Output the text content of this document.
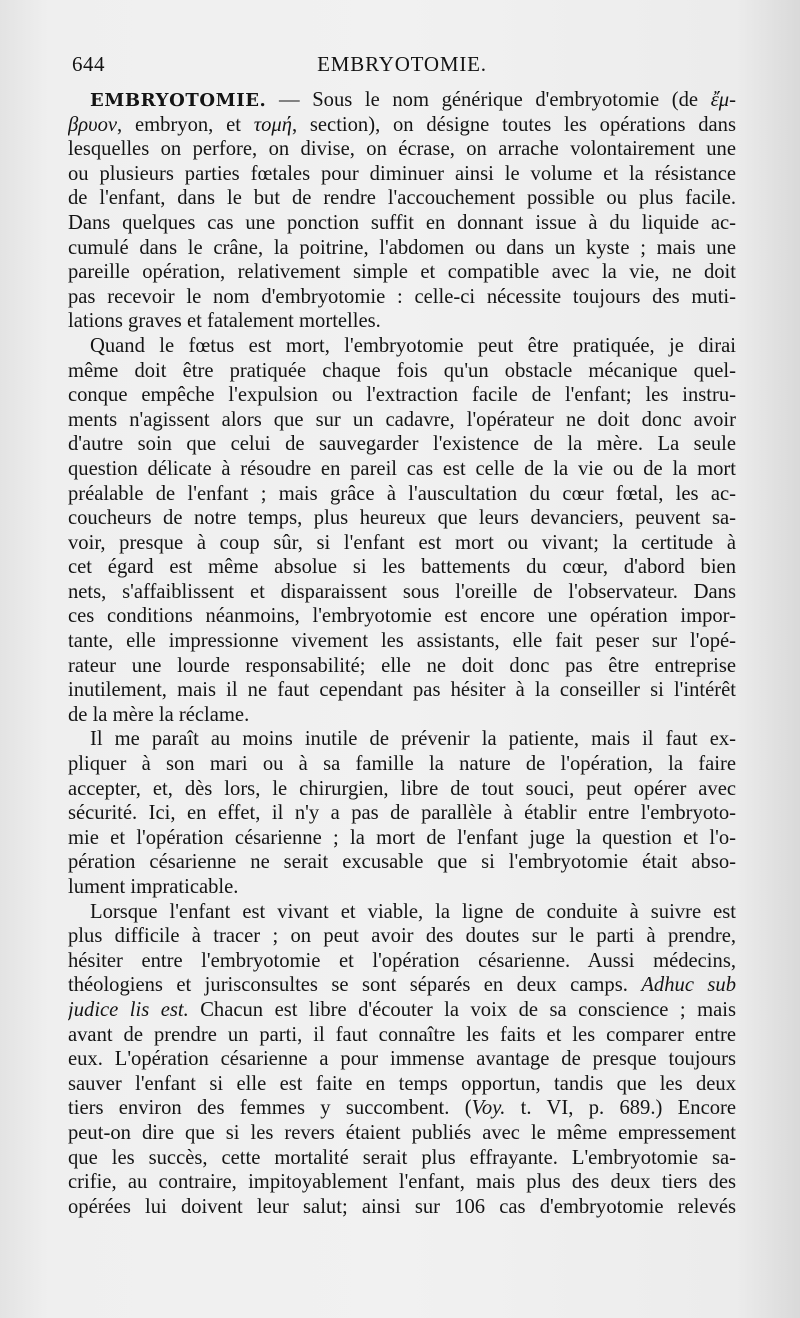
644	EMBRYOTOMIE.
EMBRYOTOMIE. — Sous le nom générique d'embryotomie (de ἔμ-
βρυον, embryon, et τομή, section), on désigne toutes les opérations dans
lesquelles on perfore, on divise, on écrase, on arrache volontairement une
ou plusieurs parties fœtales pour diminuer ainsi le volume et la résistance
de l'enfant, dans le but de rendre l'accouchement possible ou plus facile.
Dans quelques cas une ponction suffit en donnant issue à du liquide ac-
cumulé dans le crâne, la poitrine, l'abdomen ou dans un kyste ; mais une
pareille opération, relativement simple et compatible avec la vie, ne doit
pas recevoir le nom d'embryotomie : celle-ci nécessite toujours des muti-
lations graves et fatalement mortelles.
Quand le fœtus est mort, l'embryotomie peut être pratiquée, je dirai
même doit être pratiquée chaque fois qu'un obstacle mécanique quel-
conque empêche l'expulsion ou l'extraction facile de l'enfant; les instru-
ments n'agissent alors que sur un cadavre, l'opérateur ne doit donc avoir
d'autre soin que celui de sauvegarder l'existence de la mère. La seule
question délicate à résoudre en pareil cas est celle de la vie ou de la mort
préalable de l'enfant ; mais grâce à l'auscultation du cœur fœtal, les ac-
coucheurs de notre temps, plus heureux que leurs devanciers, peuvent sa-
voir, presque à coup sûr, si l'enfant est mort ou vivant; la certitude à
cet égard est même absolue si les battements du cœur, d'abord bien
nets, s'affaiblissent et disparaissent sous l'oreille de l'observateur. Dans
ces conditions néanmoins, l'embryotomie est encore une opération impor-
tante, elle impressionne vivement les assistants, elle fait peser sur l'opé-
rateur une lourde responsabilité; elle ne doit donc pas être entreprise
inutilement, mais il ne faut cependant pas hésiter à la conseiller si l'intérêt
de la mère la réclame.
Il me paraît au moins inutile de prévenir la patiente, mais il faut ex-
pliquer à son mari ou à sa famille la nature de l'opération, la faire
accepter, et, dès lors, le chirurgien, libre de tout souci, peut opérer avec
sécurité. Ici, en effet, il n'y a pas de parallèle à établir entre l'embryoto-
mie et l'opération césarienne ; la mort de l'enfant juge la question et l'o-
pération césarienne ne serait excusable que si l'embryotomie était abso-
lument impraticable.
Lorsque l'enfant est vivant et viable, la ligne de conduite à suivre est
plus difficile à tracer ; on peut avoir des doutes sur le parti à prendre,
hésiter entre l'embryotomie et l'opération césarienne. Aussi médecins,
théologiens et jurisconsultes se sont séparés en deux camps. Adhuc sub
judice lis est. Chacun est libre d'écouter la voix de sa conscience ; mais
avant de prendre un parti, il faut connaître les faits et les comparer entre
eux. L'opération césarienne a pour immense avantage de presque toujours
sauver l'enfant si elle est faite en temps opportun, tandis que les deux
tiers environ des femmes y succombent. (Voy. t. VI, p. 689.) Encore
peut-on dire que si les revers étaient publiés avec le même empressement
que les succès, cette mortalité serait plus effrayante. L'embryotomie sa-
crifie, au contraire, impitoyablement l'enfant, mais plus des deux tiers des
opérées lui doivent leur salut; ainsi sur 106 cas d'embryotomie relevés
